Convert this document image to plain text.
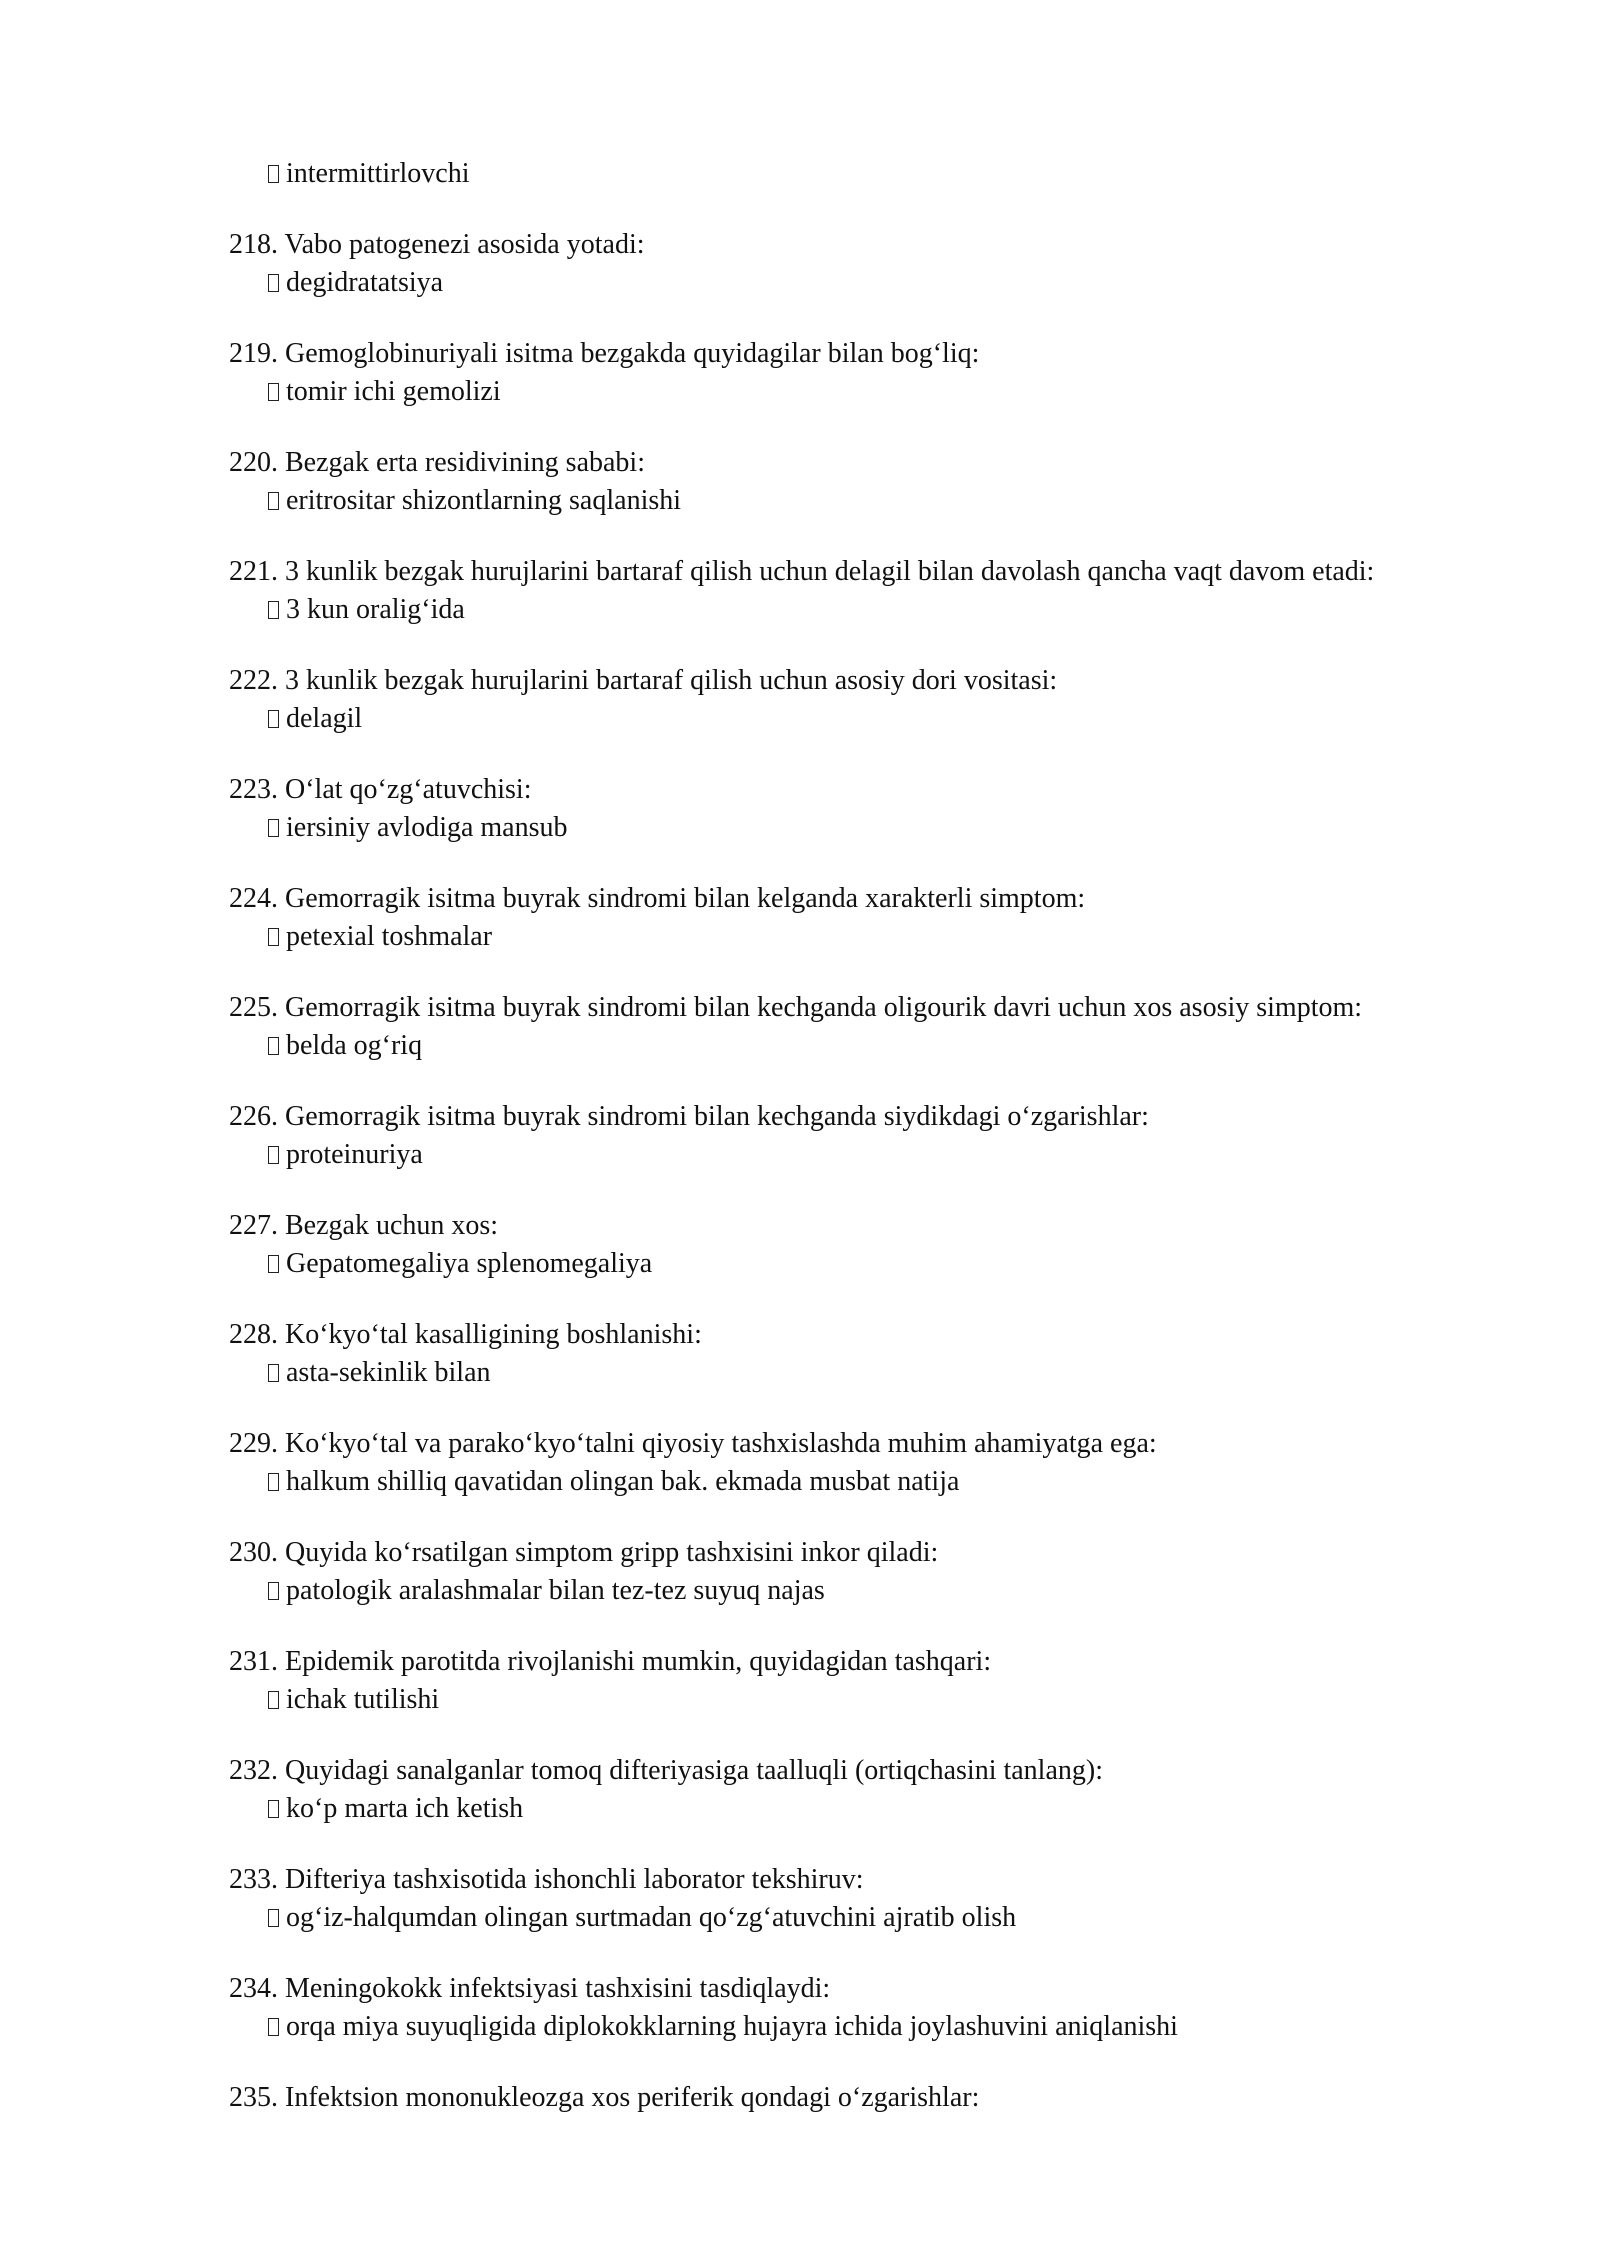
intermittirlovchi
218. Vabo patogenezi asosida yotadi:
degidratatsiya
219. Gemoglobinuriyali isitma bezgakda quyidagilar bilan bog‘liq:
tomir ichi gemolizi
220. Bezgak erta residivining sababi:
eritrositar shizontlarning saqlanishi
221. 3 kunlik bezgak hurujlarini bartaraf qilish uchun delagil bilan davolash qancha vaqt davom etadi:
3 kun oralig‘ida
222. 3 kunlik bezgak hurujlarini bartaraf qilish uchun asosiy dori vositasi:
delagil
223. O‘lat qo‘zg‘atuvchisi:
iersiniy avlodiga mansub
224. Gemorragik isitma buyrak sindromi bilan kelganda xarakterli simptom:
petexial toshmalar
225. Gemorragik isitma buyrak sindromi bilan kechganda oligourik davri uchun xos asosiy simptom:
belda og‘riq
226. Gemorragik isitma buyrak sindromi bilan kechganda siydikdagi o‘zgarishlar:
proteinuriya
227. Bezgak uchun xos:
Gepatomegaliya splenomegaliya
228. Ko‘kyo‘tal kasalligining boshlanishi:
asta-sekinlik bilan
229. Ko‘kyo‘tal va parako‘kyo‘talni qiyosiy tashxislashda muhim ahamiyatga ega:
halkum shilliq qavatidan olingan bak. ekmada musbat natija
230. Quyida ko‘rsatilgan simptom gripp tashxisini inkor qiladi:
patologik aralashmalar bilan tez-tez suyuq najas
231. Epidemik parotitda rivojlanishi mumkin, quyidagidan tashqari:
ichak tutilishi
232. Quyidagi sanalganlar tomoq difteriyasiga taalluqli (ortiqchasini tanlang):
ko‘p marta ich ketish
233. Difteriya tashxisotida ishonchli laborator tekshiruv:
og‘iz-halqumdan olingan surtmadan qo‘zg‘atuvchini ajratib olish
234. Meningokokk infektsiyasi tashxisini tasdiqlaydi:
orqa miya suyuqligida diplokokklarning hujayra ichida joylashuvini aniqlanishi
235. Infektsion mononukleozga xos periferik qondagi o‘zgarishlar:
